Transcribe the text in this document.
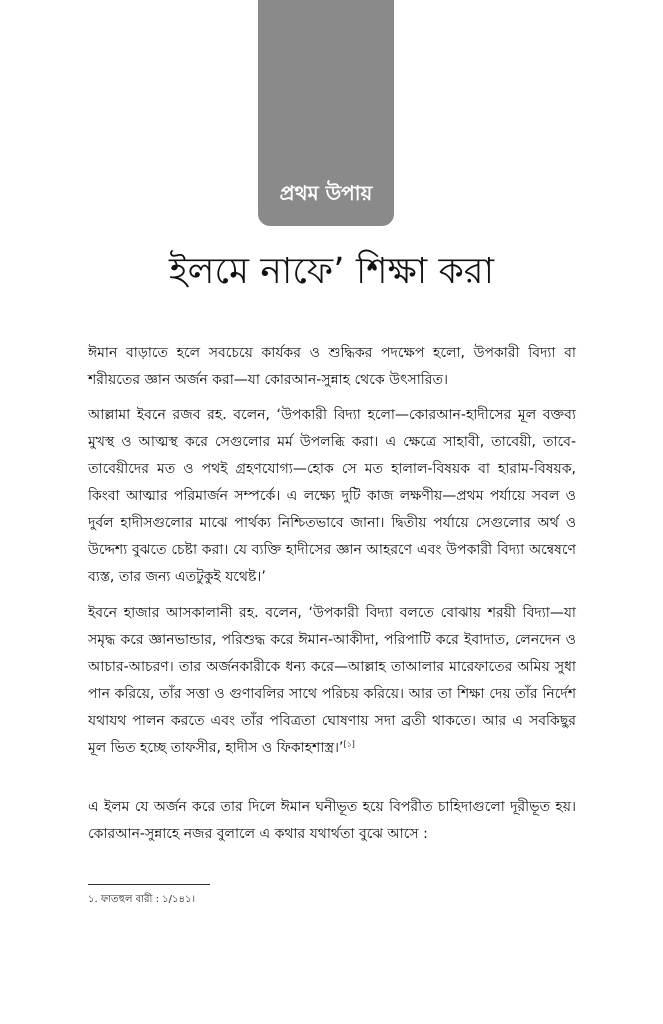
প্রথম উপায়
ইলমে নাফে’ শিক্ষা করা

ঈমান বাড়াতে হলে সবচেয়ে কার্যকর ও শুদ্ধিকর পদক্ষেপ হলো, উপকারী বিদ্যা বা শরীয়তের জ্ঞান অর্জন করা—যা কোরআন-সুন্নাহ থেকে উৎসারিত।

আল্লামা ইবনে রজব রহ. বলেন, ‘উপকারী বিদ্যা হলো—কোরআন-হাদীসের মূল বক্তব্য মুখস্থ ও আত্মস্থ করে সেগুলোর মর্ম উপলব্ধি করা। এ ক্ষেত্রে সাহাবী, তাবেয়ী, তাবে-তাবেয়ীদের মত ও পথই গ্রহণযোগ্য—হোক সে মত হালাল-বিষয়ক বা হারাম-বিষয়ক, কিংবা আত্মার পরিমার্জন সম্পর্কে। এ লক্ষ্যে দুটি কাজ লক্ষণীয়—প্রথম পর্যায়ে সবল ও দুর্বল হাদীসগুলোর মাঝে পার্থক্য নিশ্চিতভাবে জানা। দ্বিতীয় পর্যায়ে সেগুলোর অর্থ ও উদ্দেশ্য বুঝতে চেষ্টা করা। যে ব্যক্তি হাদীসের জ্ঞান আহরণে এবং উপকারী বিদ্যা অন্বেষণে ব্যস্ত, তার জন্য এতটুকুই যথেষ্ট।’

ইবনে হাজার আসকালানী রহ. বলেন, ‘উপকারী বিদ্যা বলতে বোঝায় শরয়ী বিদ্যা—যা সমৃদ্ধ করে জ্ঞানভান্ডার, পরিশুদ্ধ করে ঈমান-আকীদা, পরিপাটি করে ইবাদাত, লেনদেন ও আচার-আচরণ। তার অর্জনকারীকে ধন্য করে—আল্লাহ তাআলার মারেফাতের অমিয় সুধা পান করিয়ে, তাঁর সত্তা ও গুণাবলির সাথে পরিচয় করিয়ে। আর তা শিক্ষা দেয় তাঁর নির্দেশ যথাযথ পালন করতে এবং তাঁর পবিত্রতা ঘোষণায় সদা ব্রতী থাকতে। আর এ সবকিছুর মূল ভিত হচ্ছে তাফসীর, হাদীস ও ফিকাহশাস্ত্র।’[১]

এ ইলম যে অর্জন করে তার দিলে ঈমান ঘনীভূত হয়ে বিপরীত চাহিদাগুলো দূরীভূত হয়। কোরআন-সুন্নাহে নজর বুলালে এ কথার যথার্থতা বুঝে আসে :

১. ফাতহুল বারী : ১/১৪১।
